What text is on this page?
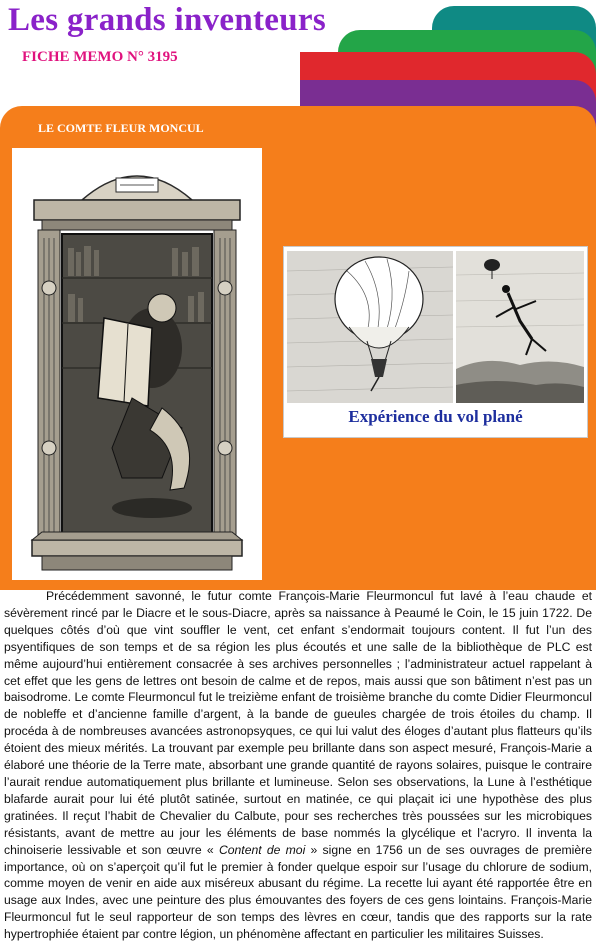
Les grands inventeurs
FICHE MEMO N° 3195
LE COMTE FLEUR MONCUL
Expérience du vol plané

Précédemment savonné, le futur comte François-Marie Fleurmoncul fut lavé à l’eau chaude et sévèrement rincé par le Diacre et le sous-Diacre, après sa naissance à Peaumé le Coin, le 15 juin 1722. De quelques côtés d’où que vint souffler le vent, cet enfant s’endormait toujours content. Il fut l’un des psyentifiques de son temps et de sa région les plus écoutés et une salle de la bibliothèque de PLC est même aujourd’hui entièrement consacrée à ses archives personnelles ; l’administrateur actuel rappelant à cet effet que les gens de lettres ont besoin de calme et de repos, mais aussi que son bâtiment n’est pas un baisodrome. Le comte Fleurmoncul fut le treizième enfant de troisième branche du comte Didier Fleurmoncul de nobleffe et d’ancienne famille d’argent, à la bande de gueules chargée de trois étoiles du champ. Il procéda à de nombreuses avancées astronopsyques, ce qui lui valut des éloges d’autant plus flatteurs qu’ils étoient des mieux mérités. La trouvant par exemple peu brillante dans son aspect mesuré, François-Marie a élaboré une théorie de la Terre mate, absorbant une grande quantité de rayons solaires, puisque le contraire l’aurait rendue automatiquement plus brillante et lumineuse. Selon ses observations, la Lune à l’esthétique blafarde aurait pour lui été plutôt satinée, surtout en matinée, ce qui plaçait ici une hypothèse des plus gratinées. Il reçut l’habit de Chevalier du Calbute, pour ses recherches très poussées sur les microbiques résistants, avant de mettre au jour les éléments de base nommés la glycélique et l’acryro. Il inventa la chinoiserie lessivable et son œuvre « Content de moi » signe en 1756 un de ses ouvrages de première importance, où on s’aperçoit qu’il fut le premier à fonder quelque espoir sur l’usage du chlorure de sodium, comme moyen de venir en aide aux miséreux abusant du régime. La recette lui ayant été rapportée être en usage aux Indes, avec une peinture des plus émouvantes des foyers de ces gens lointains. François-Marie Fleurmoncul fut le seul rapporteur de son temps des lèvres en cœur, tandis que des rapports sur la rate hypertrophiée étaient par contre légion, un phénomène affectant en particulier les militaires Suisses.
